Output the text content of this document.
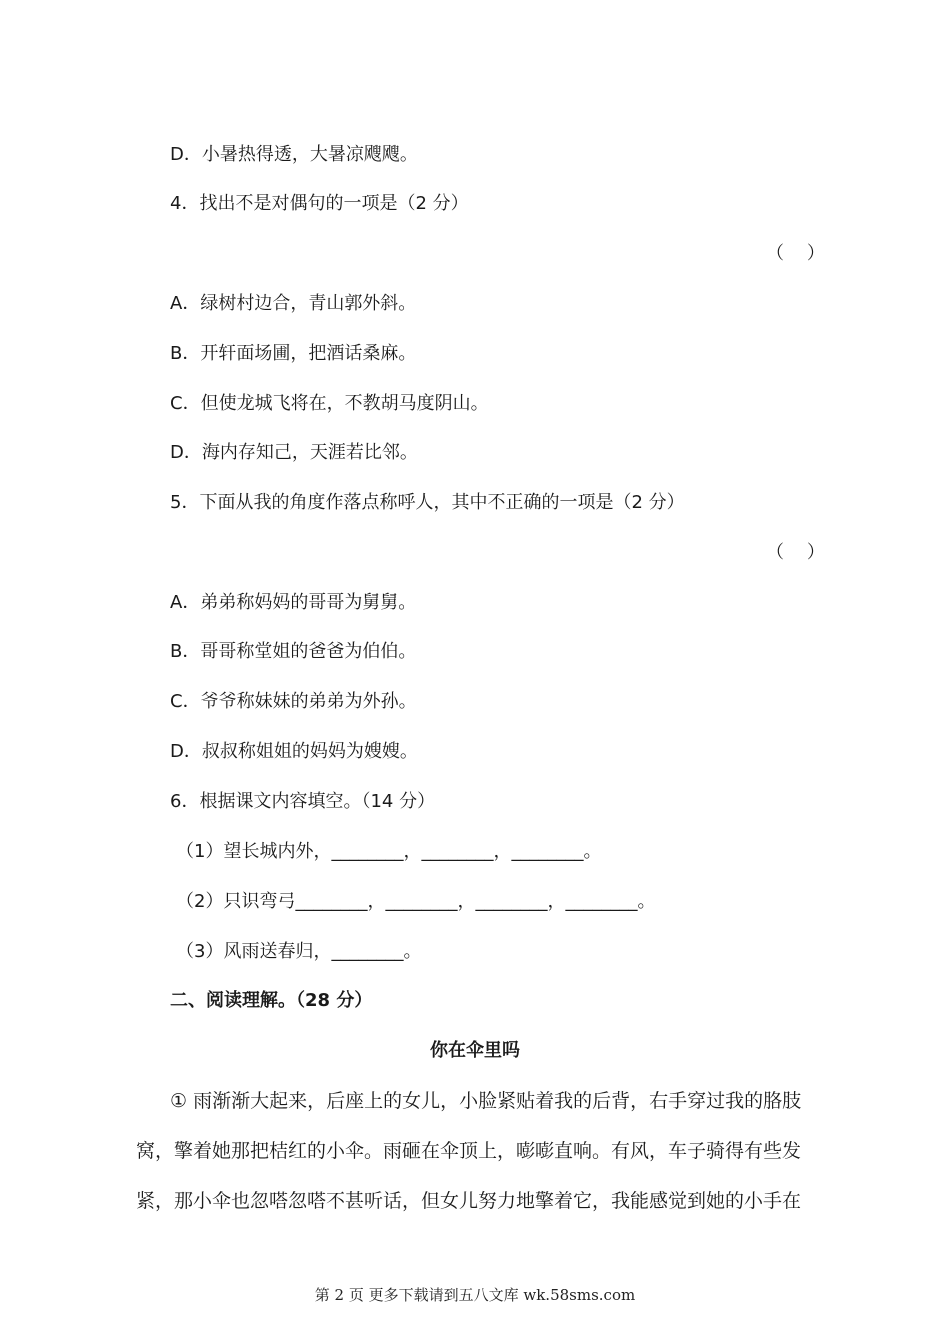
D．小暑热得透，大暑凉飕飕。
4．找出不是对偶句的一项是（2 分）
（    ）
A．绿树村边合，青山郭外斜。
B．开轩面场圃，把酒话桑麻。
C．但使龙城飞将在，不教胡马度阴山。
D．海内存知己，天涯若比邻。
5．下面从我的角度作落点称呼人，其中不正确的一项是（2 分）
（    ）
A．弟弟称妈妈的哥哥为舅舅。
B．哥哥称堂姐的爸爸为伯伯。
C．爷爷称妹妹的弟弟为外孙。
D．叔叔称姐姐的妈妈为嫂嫂。
6．根据课文内容填空。（14 分）
（1）望长城内外，________，________，________。
（2）只识弯弓________，________，________，________。
（3）风雨送春归，________。
二、阅读理解。（28 分）
你在伞里吗
① 雨渐渐大起来，后座上的女儿，小脸紧贴着我的后背，右手穿过我的胳肢
窝，擎着她那把桔红的小伞。雨砸在伞顶上，嘭嘭直响。有风，车子骑得有些发
紧，那小伞也忽嗒忽嗒不甚听话，但女儿努力地擎着它，我能感觉到她的小手在
第 2 页 更多下载请到五八文库 wk.58sms.com
